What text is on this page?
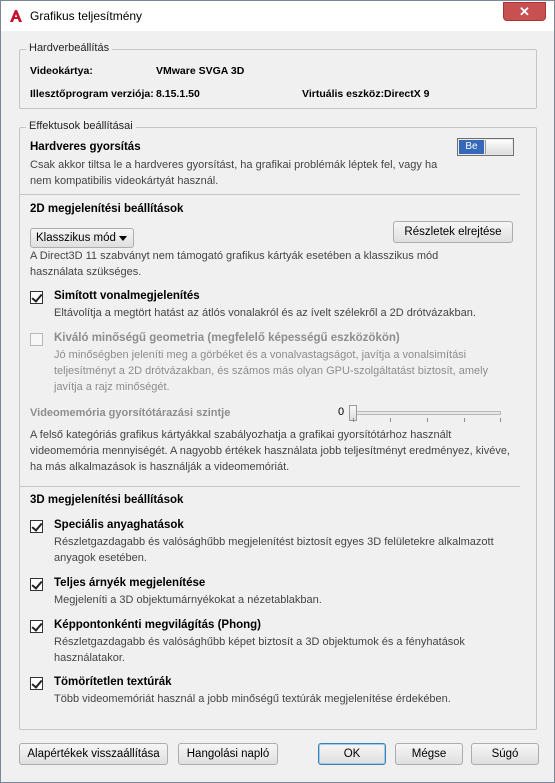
Grafikus teljesítmény	✕
Hardverbeállítás
Videokártya:	VMware SVGA 3D
Illesztőprogram verziója: 8.15.1.50	Virtuális eszköz: DirectX 9
Effektusok beállításai
Hardveres gyorsítás	Be
Csak akkor tiltsa le a hardveres gyorsítást, ha grafikai problémák léptek fel, vagy ha nem kompatibilis videokártyát használ.
2D megjelenítési beállítások
Klasszikus mód	Részletek elrejtése
A Direct3D 11 szabványt nem támogató grafikus kártyák esetében a klasszikus mód használata szükséges.
Simított vonalmegjelenítés
Eltávolítja a megtört hatást az átlós vonalakról és az ívelt szélekről a 2D drótvázakban.
Kiváló minőségű geometria (megfelelő képességű eszközökön)
Jó minőségben jeleníti meg a görbéket és a vonalvastagságot, javítja a vonalsimítási teljesítményt a 2D drótvázakban, és számos más olyan GPU-szolgáltatást biztosít, amely javítja a rajz minőségét.
Videomemória gyorsítótárazási szintje	0
A felső kategóriás grafikus kártyákkal szabályozhatja a grafikai gyorsítótárhoz használt videomemória mennyiségét. A nagyobb értékek használata jobb teljesítményt eredményez, kivéve, ha más alkalmazások is használják a videomemóriát.
3D megjelenítési beállítások
Speciális anyaghatások
Részletgazdagabb és valósághűbb megjelenítést biztosít egyes 3D felületekre alkalmazott anyagok esetében.
Teljes árnyék megjelenítése
Megjeleníti a 3D objektumárnyékokat a nézetablakban.
Képpontonkénti megvilágítás (Phong)
Részletgazdagabb és valósághűbb képet biztosít a 3D objektumok és a fényhatások használatakor.
Tömörítetlen textúrák
Több videomemóriát használ a jobb minőségű textúrák megjelenítése érdekében.
Alapértékek visszaállítása	Hangolási napló	OK	Mégse	Súgó
